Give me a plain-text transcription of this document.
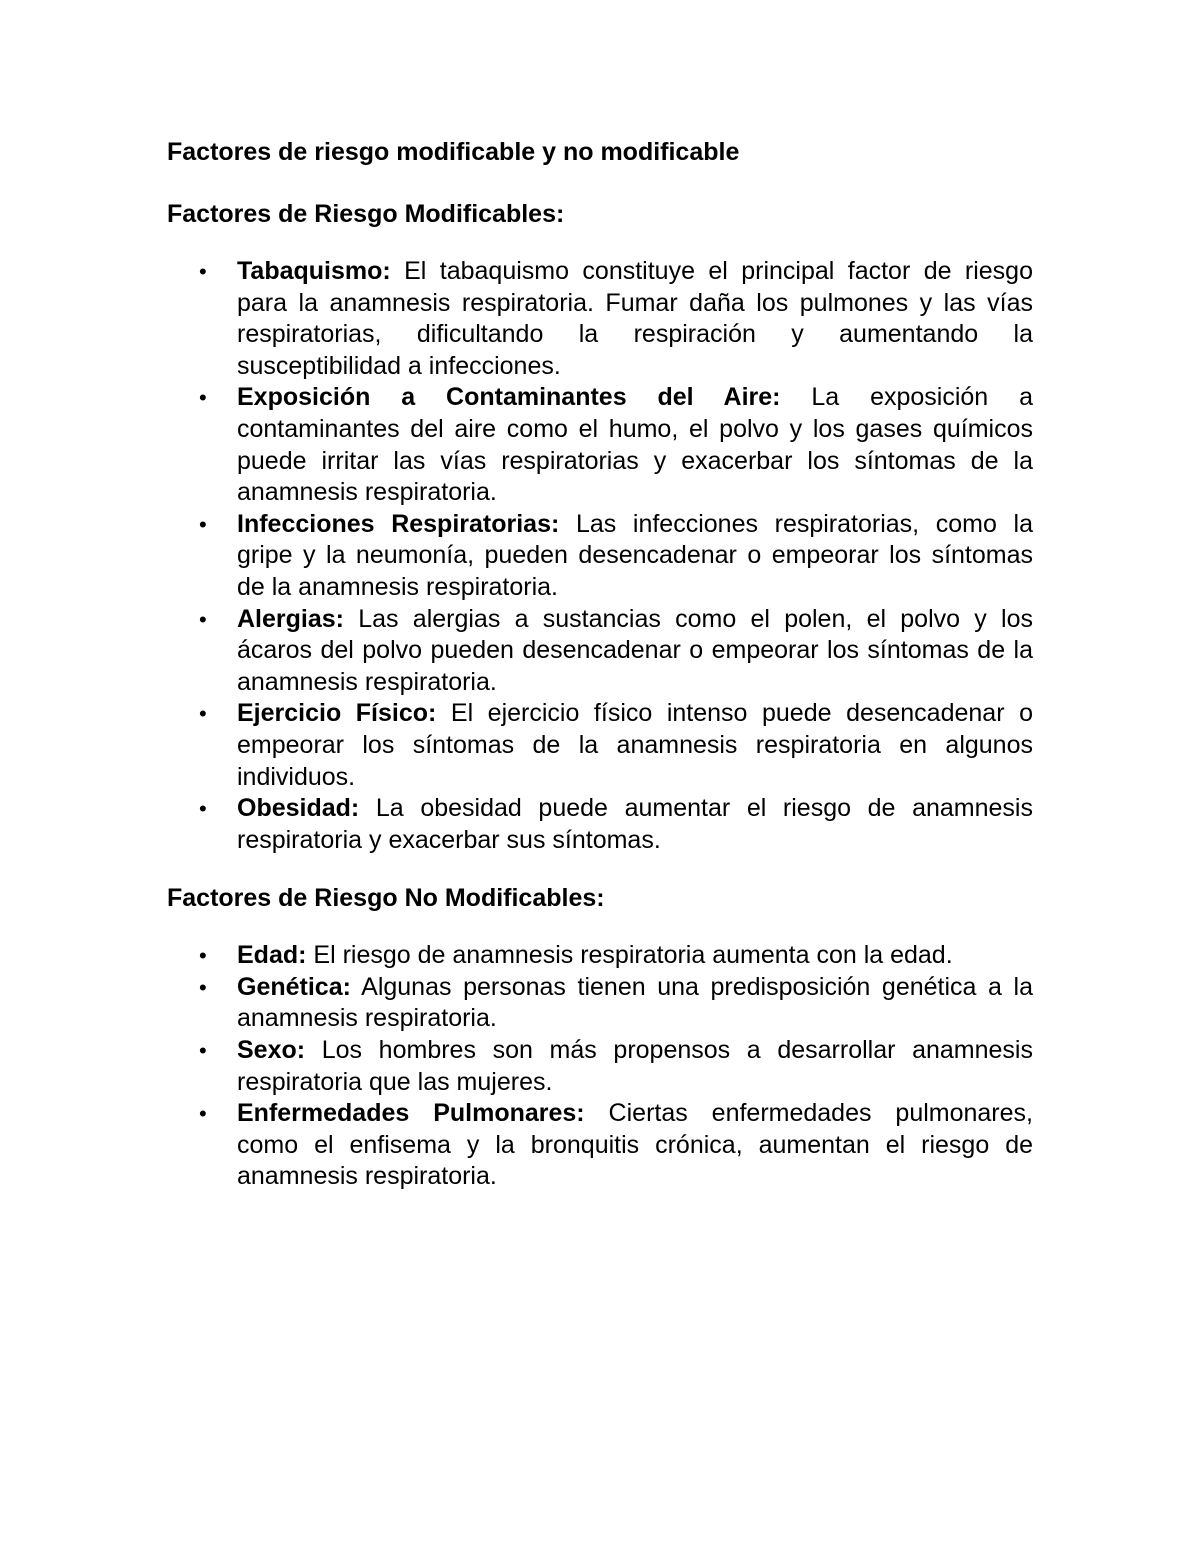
Factores de riesgo modificable y no modificable
Factores de Riesgo Modificables:
• Tabaquismo: El tabaquismo constituye el principal factor de riesgo para la anamnesis respiratoria. Fumar daña los pulmones y las vías respiratorias, dificultando la respiración y aumentando la susceptibilidad a infecciones.
• Exposición a Contaminantes del Aire: La exposición a contaminantes del aire como el humo, el polvo y los gases químicos puede irritar las vías respiratorias y exacerbar los síntomas de la anamnesis respiratoria.
• Infecciones Respiratorias: Las infecciones respiratorias, como la gripe y la neumonía, pueden desencadenar o empeorar los síntomas de la anamnesis respiratoria.
• Alergias: Las alergias a sustancias como el polen, el polvo y los ácaros del polvo pueden desencadenar o empeorar los síntomas de la anamnesis respiratoria.
• Ejercicio Físico: El ejercicio físico intenso puede desencadenar o empeorar los síntomas de la anamnesis respiratoria en algunos individuos.
• Obesidad: La obesidad puede aumentar el riesgo de anamnesis respiratoria y exacerbar sus síntomas.
Factores de Riesgo No Modificables:
• Edad: El riesgo de anamnesis respiratoria aumenta con la edad.
• Genética: Algunas personas tienen una predisposición genética a la anamnesis respiratoria.
• Sexo: Los hombres son más propensos a desarrollar anamnesis respiratoria que las mujeres.
• Enfermedades Pulmonares: Ciertas enfermedades pulmonares, como el enfisema y la bronquitis crónica, aumentan el riesgo de anamnesis respiratoria.
